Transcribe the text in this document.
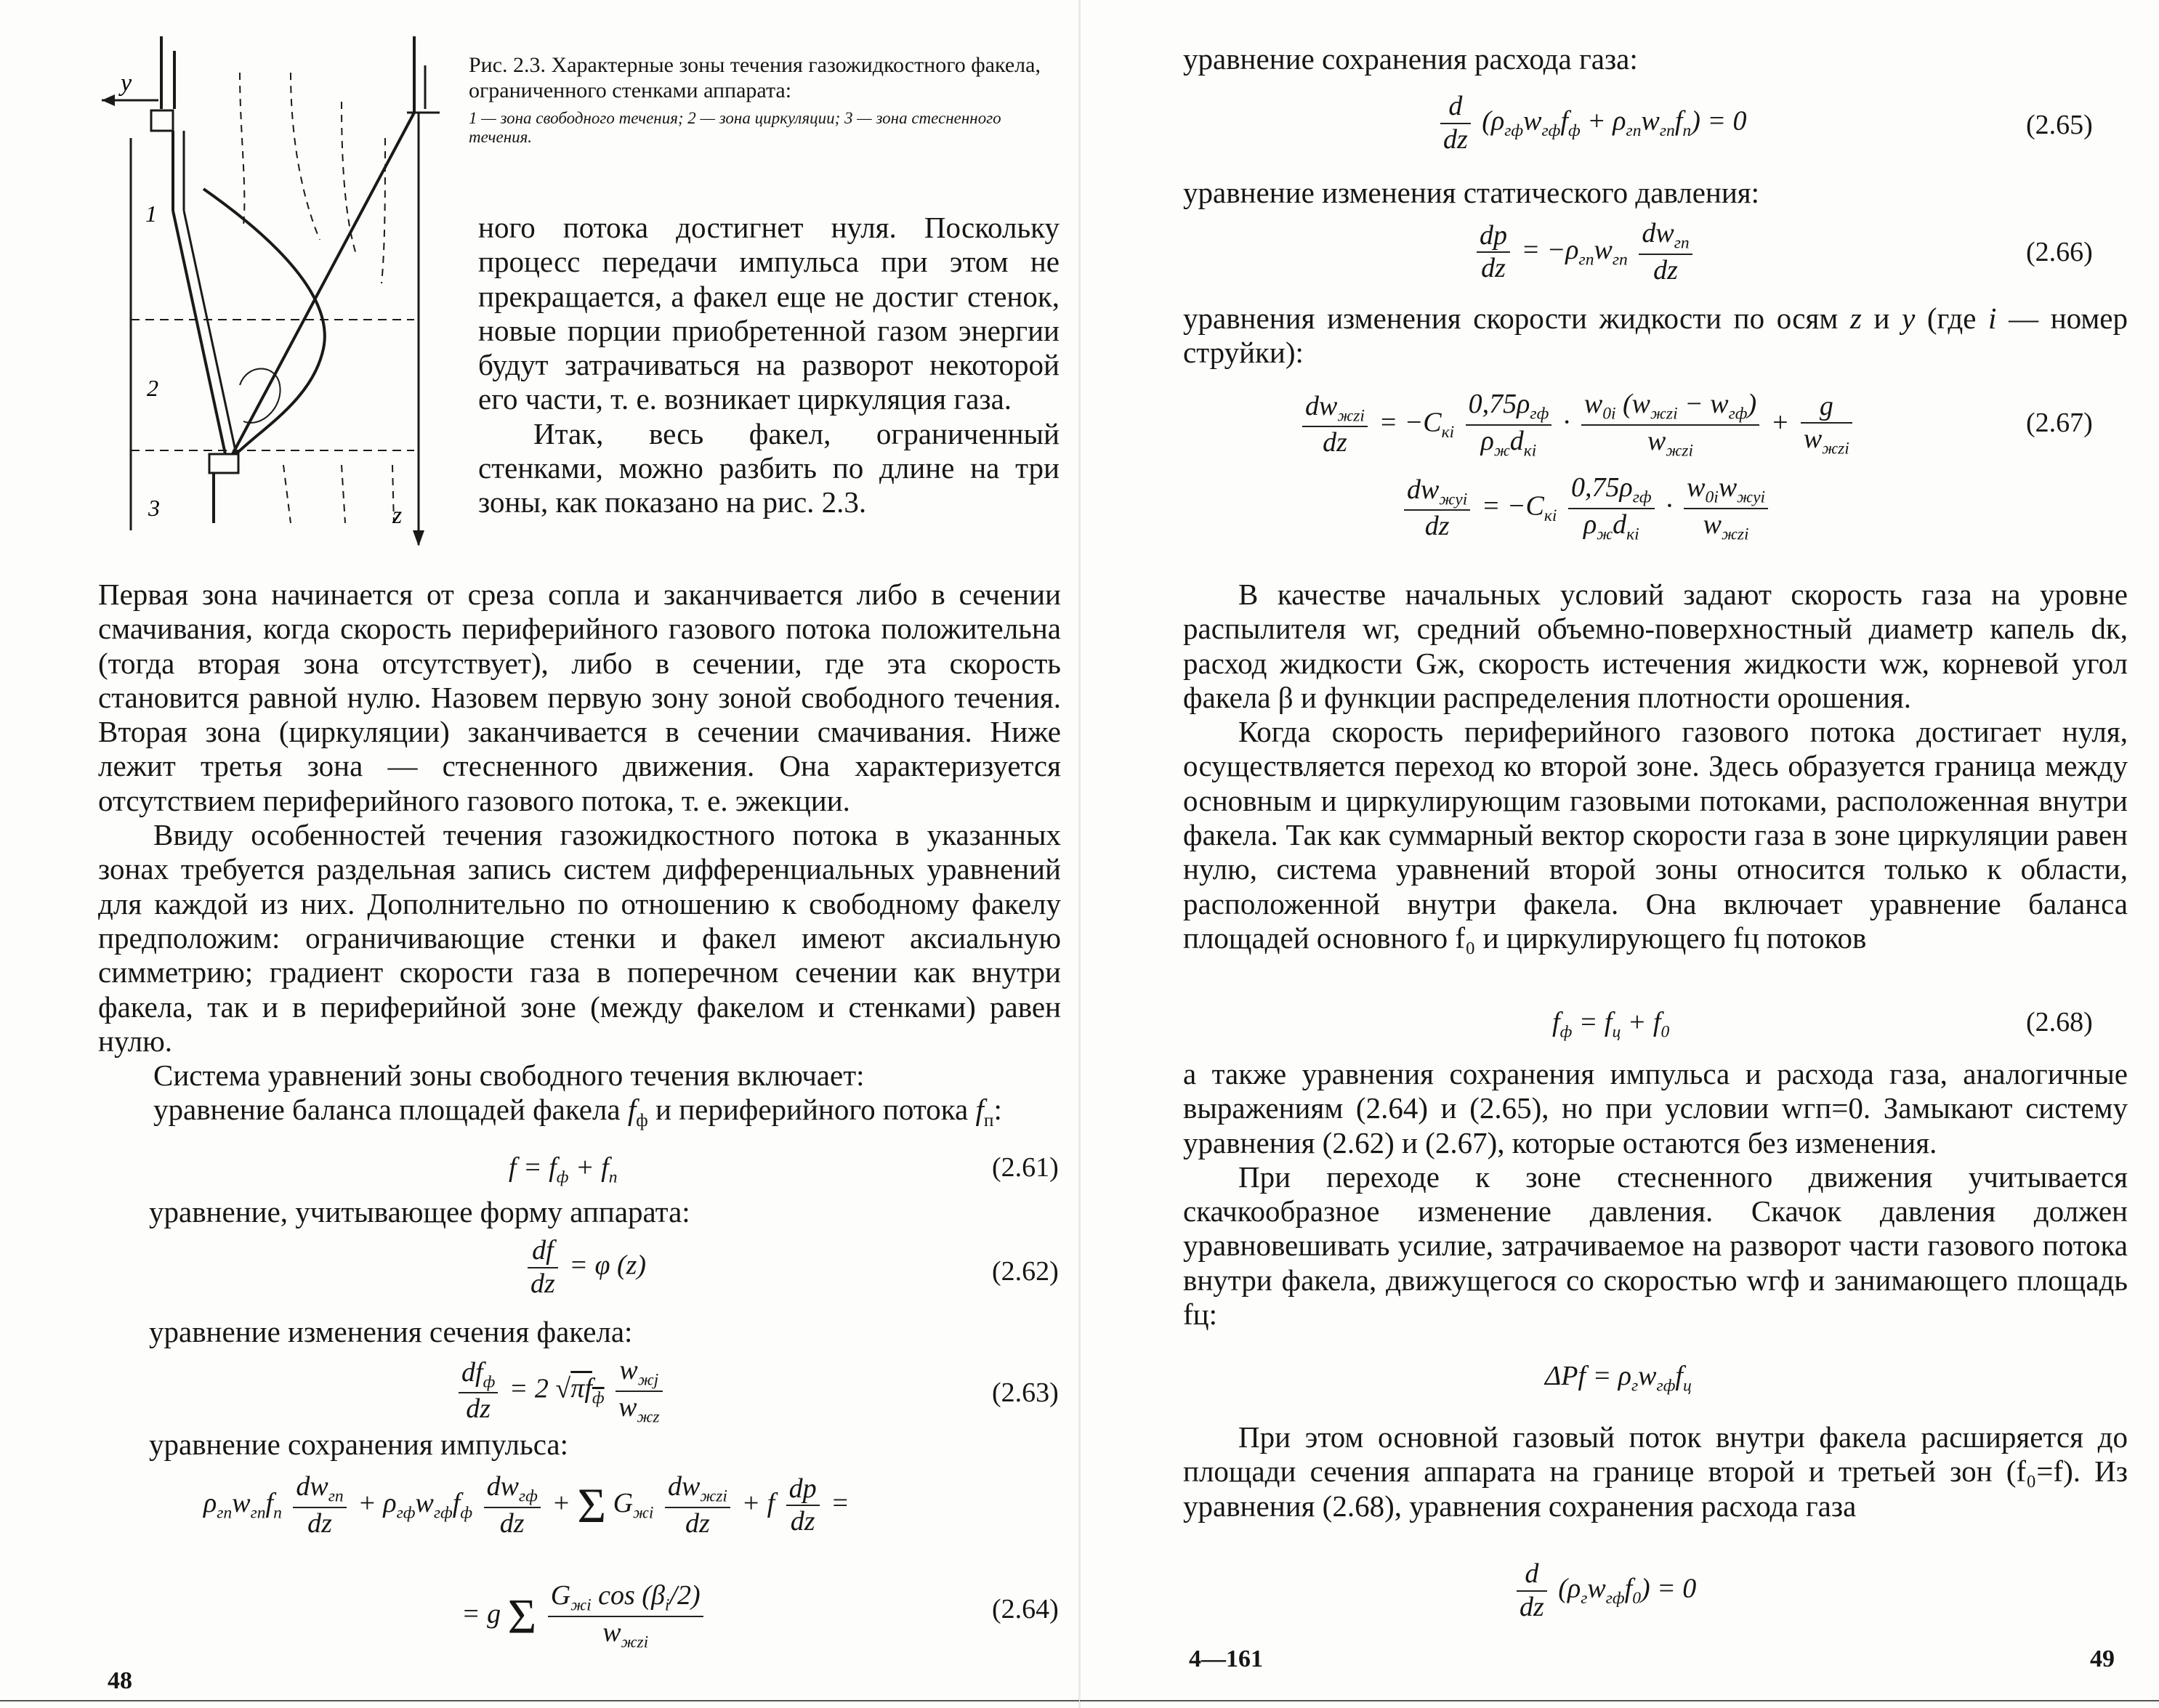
y
z
1
2
3

Рис. 2.3. Характерные зоны течения газожидкостного факела, ограниченного стенками аппарата:

1 — зона свободного течения; 2 — зона циркуляции; 3 — зона стесненного течения.

ного потока достигнет нуля. Поскольку процесс передачи импульса при этом не прекращается, а факел еще не достиг стенок, новые порции приобретенной газом энергии будут затрачиваться на разворот некоторой его части, т. е. возникает циркуляция газа.

Итак, весь факел, ограниченный стенками, можно разбить по длине на три зоны, как показано на рис. 2.3.

Первая зона начинается от среза сопла и заканчивается либо в сечении смачивания, когда скорость периферийного газового потока положительна (тогда вторая зона отсутствует), либо в сечении, где эта скорость становится равной нулю. Назовем первую зону зоной свободного течения. Вторая зона (циркуляции) заканчивается в сечении смачивания. Ниже лежит третья зона — стесненного движения. Она характеризуется отсутствием периферийного газового потока, т. е. эжекции.

Ввиду особенностей течения газожидкостного потока в указанных зонах требуется раздельная запись систем дифференциальных уравнений для каждой из них. Дополнительно по отношению к свободному факелу предположим: ограничивающие стенки и факел имеют аксиальную симметрию; градиент скорости газа в поперечном сечении как внутри факела, так и в периферийной зоне (между факелом и стенками) равен нулю.

Система уравнений зоны свободного течения включает:

уравнение баланса площадей факела $f_ф$ и периферийного потока $f_п$:

$f = f_ф + f_п$	(2.61)

уравнение, учитывающее форму аппарата:

$\frac{df}{dz} = \varphi$ (z)	(2.62)

уравнение изменения сечения факела:

$\frac{df_ф}{dz} = 2$ $√\pi f_ф \frac{w_{жj}}{w_{жz}}$	(2.63)

уравнение сохранения импульса:

$\rho_{гп}w_{гп}f_п \frac{dw_{гп}}{dz} + \rho_{гф}w_{гф}f_ф \frac{dw_{гф}}{dz} + \Sigma$ $G_{жi} \frac{dw_{жzi}}{dz} + f \frac{dp}{dz}$ =
= g Σ $\frac{G_{жi} \cos (\beta_i/2)}{w_{жzi}}$	(2.64)
48

уравнение сохранения расхода газа:

$\frac{d}{dz} (\rho_{гф}w_{гф}f_ф + \rho_{гп}w_{гп}f_п) = 0$	(2.65)

уравнение изменения статического давления:

$\frac{dp}{dz} = -\rho_{гп}w_{гп} \frac{dw_{гп}}{dz}$	(2.66)

уравнения изменения скорости жидкости по осям z и y (где i — номер струйки):

$\frac{dw_{жzi}}{dz} = -C_{кi} \frac{0,75\rho_{гф}}{\rho_жd_{кi}} \cdot \frac{w_{0i} (w_{жzi} - w_{гф})}{w_{жzi}} + \frac{g}{w_{жzi}}$	(2.67)
$\frac{dw_{жyi}}{dz} = -C_{кi} \frac{0,75\rho_{гф}}{\rho_жd_{кi}} \cdot \frac{w_{0i}w_{жyi}}{w_{жzi}}$

В качестве начальных условий задают скорость газа на уровне распылителя wг, средний объемно-поверхностный диаметр капель dк, расход жидкости Gж, скорость истечения жидкости wж, корневой угол факела β и функции распределения плотности орошения.

Когда скорость периферийного газового потока достигает нуля, осуществляется переход ко второй зоне. Здесь образуется граница между основным и циркулирующим газовыми потоками, расположенная внутри факела. Так как суммарный вектор скорости газа в зоне циркуляции равен нулю, система уравнений второй зоны относится только к области, расположенной внутри факела. Она включает уравнение баланса площадей основного f₀ и циркулирующего fц потоков

$f_ф = f_ц + f_0$	(2.68)

а также уравнения сохранения импульса и расхода газа, аналогичные выражениям (2.64) и (2.65), но при условии wгп=0. Замыкают систему уравнения (2.62) и (2.67), которые остаются без изменения.

При переходе к зоне стесненного движения учитывается скачкообразное изменение давления. Скачок давления должен уравновешивать усилие, затрачиваемое на разворот части газового потока внутри факела, движущегося со скоростью wгф и занимающего площадь fц:

$\Delta Pf = \rho_гw_{гф}f_ц$

При этом основной газовый поток внутри факела расширяется до площади сечения аппарата на границе второй и третьей зон (f₀=f). Из уравнения (2.68), уравнения сохранения расхода газа

$\frac{d}{dz} (\rho_гw_{гф}f_0) = 0$
4—161	49
